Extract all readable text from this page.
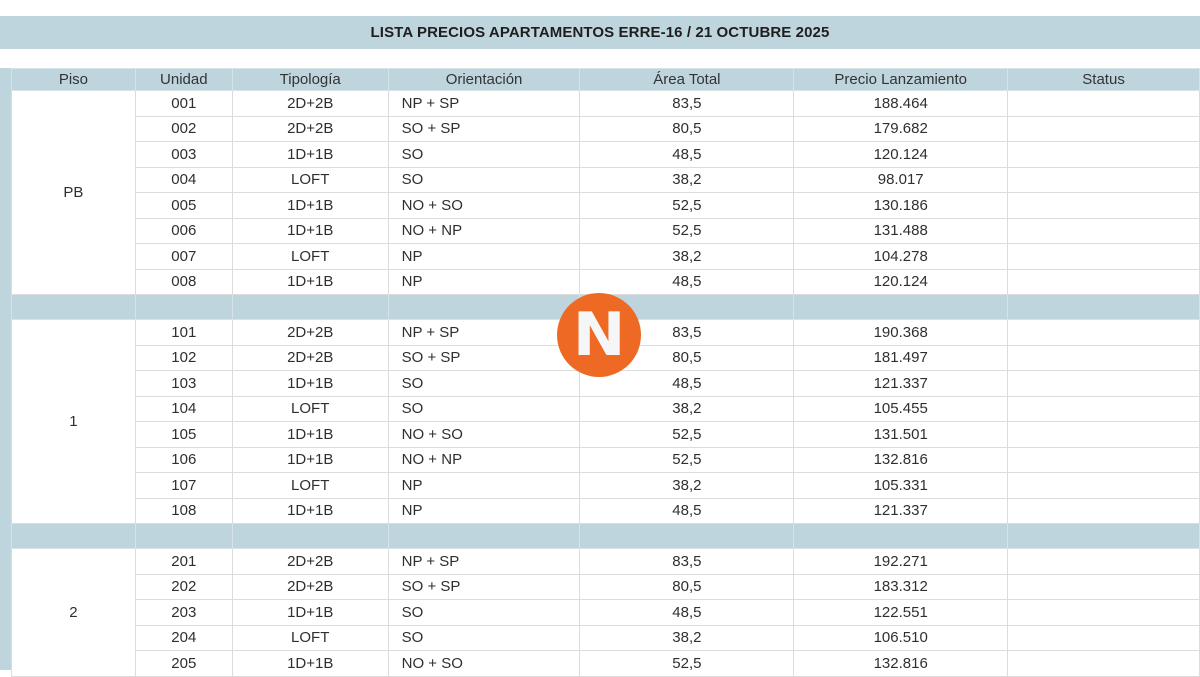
LISTA PRECIOS APARTAMENTOS ERRE-16 / 21 OCTUBRE 2025
Piso	Unidad	Tipología	Orientación	Área Total	Precio Lanzamiento	Status
PB	001	2D+2B	NP + SP	83,5	188.464	
	002	2D+2B	SO + SP	80,5	179.682	
	003	1D+1B	SO	48,5	120.124	
	004	LOFT	SO	38,2	98.017	
	005	1D+1B	NO + SO	52,5	130.186	
	006	1D+1B	NO + NP	52,5	131.488	
	007	LOFT	NP	38,2	104.278	
	008	1D+1B	NP	48,5	120.124	

1	101	2D+2B	NP + SP	83,5	190.368	
	102	2D+2B	SO + SP	80,5	181.497	
	103	1D+1B	SO	48,5	121.337	
	104	LOFT	SO	38,2	105.455	
	105	1D+1B	NO + SO	52,5	131.501	
	106	1D+1B	NO + NP	52,5	132.816	
	107	LOFT	NP	38,2	105.331	
	108	1D+1B	NP	48,5	121.337	

2	201	2D+2B	NP + SP	83,5	192.271	
	202	2D+2B	SO + SP	80,5	183.312	
	203	1D+1B	SO	48,5	122.551	
	204	LOFT	SO	38,2	106.510	
	205	1D+1B	NO + SO	52,5	132.816	
N
